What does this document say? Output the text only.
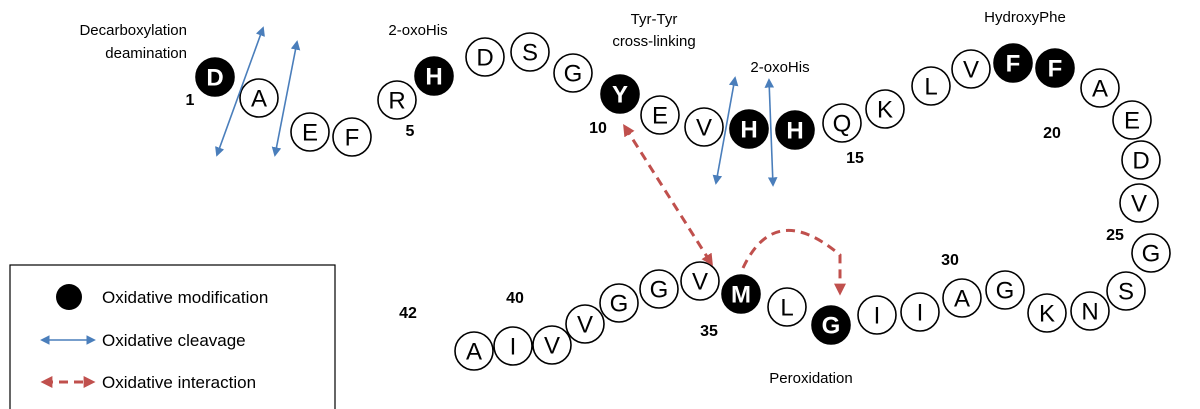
D
A
E F
R
H
D S
G
Y
E V H H Q
K
L
V F F
A
E
D
V
G
S
N
K
G
A
I
I
G
L
M
V
G
G
V
V
I
A
1
5	10
15
20
25
30
35
40
42
Decarboxylation
deamination
2-oxoHis
Tyr-Tyr
cross-linking
2-oxoHis
HydroxyPhe
Peroxidation
Oxidative modification
Oxidative cleavage
Oxidative interaction
